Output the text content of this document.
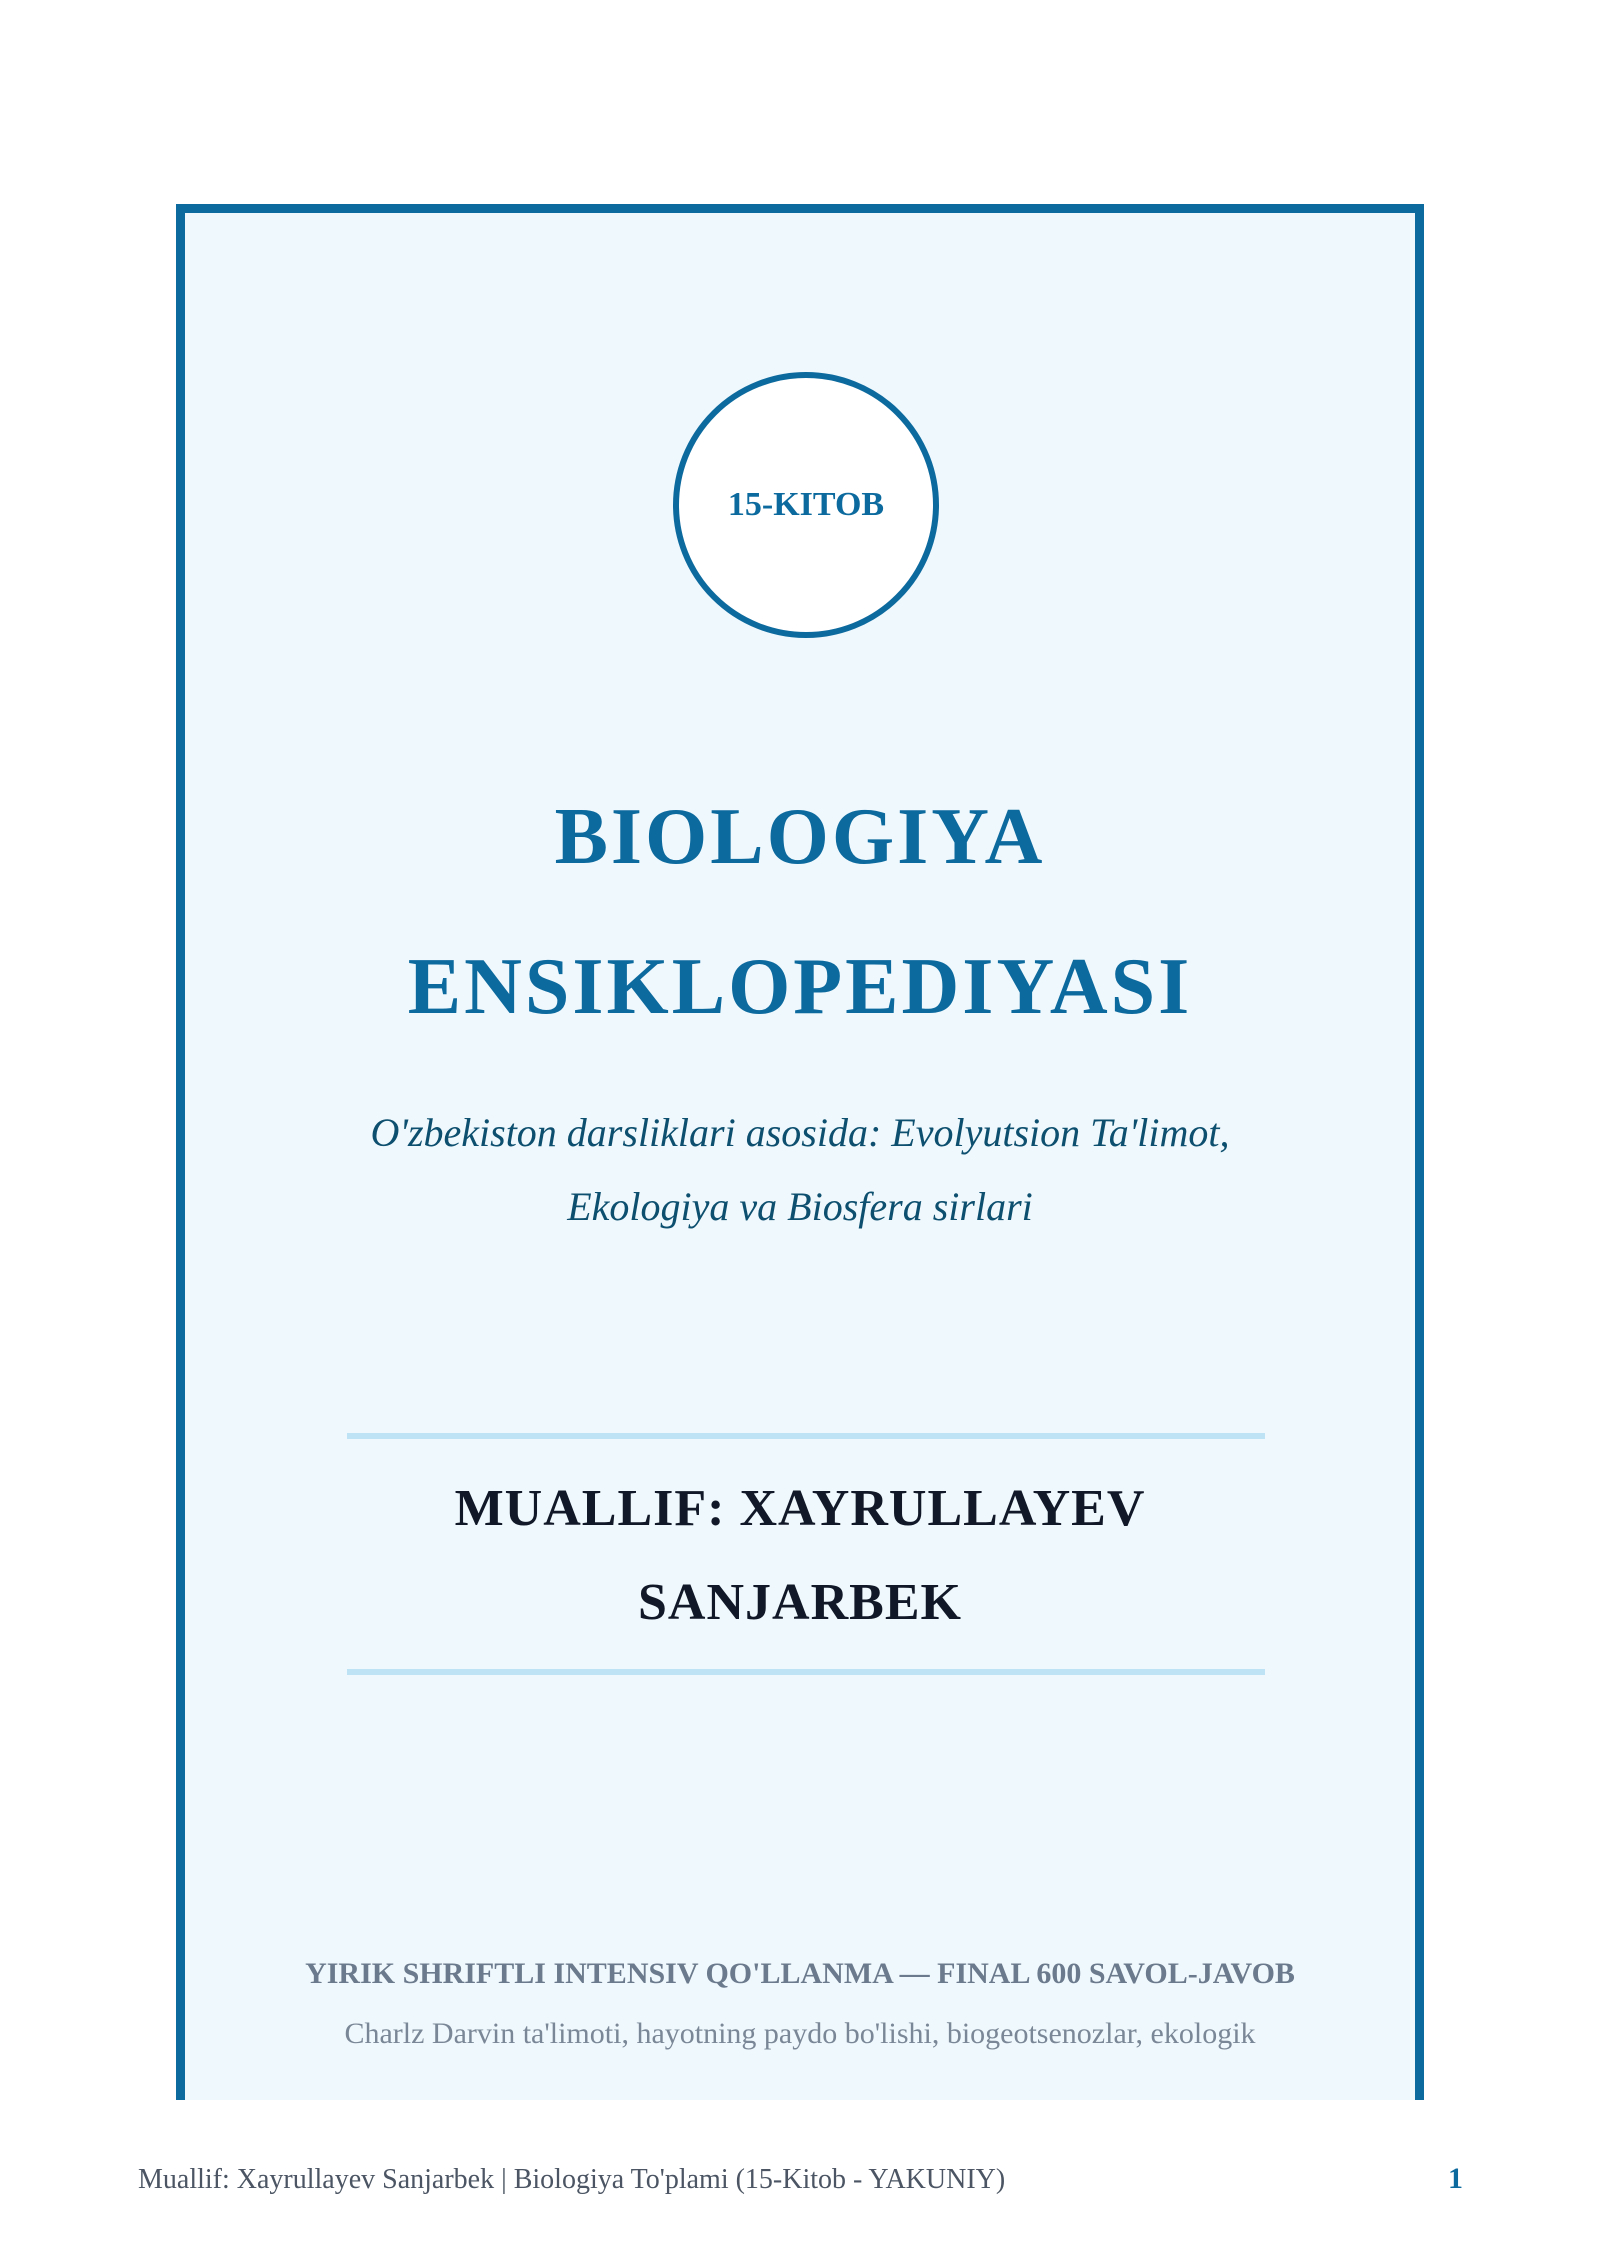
15-KITOB
BIOLOGIYA
ENSIKLOPEDIYASI
O'zbekiston darsliklari asosida: Evolyutsion Ta'limot,
Ekologiya va Biosfera sirlari
MUALLIF: XAYRULLAYEV
SANJARBEK
YIRIK SHRIFTLI INTENSIV QO'LLANMA — FINAL 600 SAVOL-JAVOB
Charlz Darvin ta'limoti, hayotning paydo bo'lishi, biogeotsenozlar, ekologik
Muallif: Xayrullayev Sanjarbek | Biologiya To'plami (15-Kitob - YAKUNIY)	1
